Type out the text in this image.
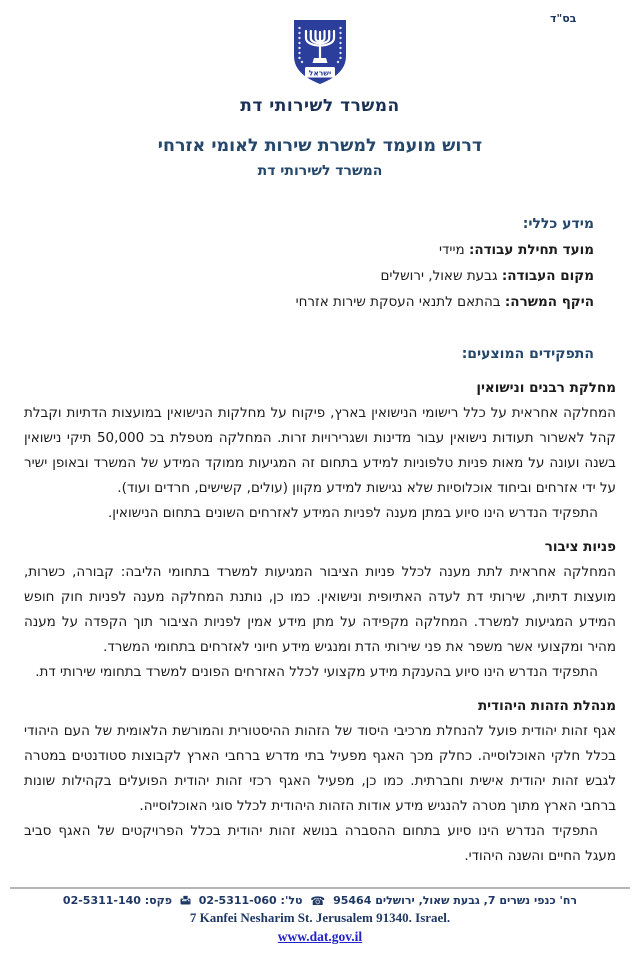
בס"ד
ישראל
המשרד לשירותי דת
דרוש מועמד למשרת שירות לאומי אזרחי
המשרד לשירותי דת
מידע כללי:
מועד תחילת עבודה: מיידי
מקום העבודה: גבעת שאול, ירושלים
היקף המשרה: בהתאם לתנאי העסקת שירות אזרחי
התפקידים המוצעים:
מחלקת רבנים ונישואין

המחלקה אחראית על כלל רישומי הנישואין בארץ, פיקוח על מחלקות הנישואין במועצות הדתיות וקבלת קהל לאשרור תעודות נישואין עבור מדינות ושגרירויות זרות. המחלקה מטפלת בכ 50,000 תיקי נישואין בשנה ועונה על מאות פניות טלפוניות למידע בתחום זה המגיעות ממוקד המידע של המשרד ובאופן ישיר על ידי אזרחים וביחוד אוכלוסיות שלא נגישות למידע מקוון (עולים, קשישים, חרדים ועוד).

התפקיד הנדרש הינו סיוע במתן מענה לפניות המידע לאזרחים השונים בתחום הנישואין.

פניות ציבור

המחלקה אחראית לתת מענה לכלל פניות הציבור המגיעות למשרד בתחומי הליבה: קבורה, כשרות, מועצות דתיות, שירותי דת לעדה האתיופית ונישואין. כמו כן, נותנת המחלקה מענה לפניות חוק חופש המידע המגיעות למשרד. המחלקה מקפידה על מתן מידע אמין לפניות הציבור תוך הקפדה על מענה מהיר ומקצועי אשר משפר את פני שירותי הדת ומנגיש מידע חיוני לאזרחים בתחומי המשרד.

התפקיד הנדרש הינו סיוע בהענקת מידע מקצועי לכלל האזרחים הפונים למשרד בתחומי שירותי דת.

מנהלת הזהות היהודית

אגף זהות יהודית פועל להנחלת מרכיבי היסוד של הזהות ההיסטורית והמורשת הלאומית של העם היהודי בכלל חלקי האוכלוסייה. כחלק מכך האגף מפעיל בתי מדרש ברחבי הארץ לקבוצות סטודנטים במטרה לגבש זהות יהודית אישית וחברתית. כמו כן, מפעיל האגף רכזי זהות יהודית הפועלים בקהילות שונות ברחבי הארץ מתוך מטרה להנגיש מידע אודות הזהות היהודית לכלל סוגי האוכלוסייה.

התפקיד הנדרש הינו סיוע בתחום ההסברה בנושא זהות יהודית בכלל הפרויקטים של האגף סביב מעגל החיים והשנה היהודי.

רח' כנפי נשרים 7, גבעת שאול, ירושלים 95464 ☎ טל': 02-5311-060  פקס: 02-5311-140
7 Kanfei Nesharim St. Jerusalem 91340. Israel.
www.dat.gov.il
